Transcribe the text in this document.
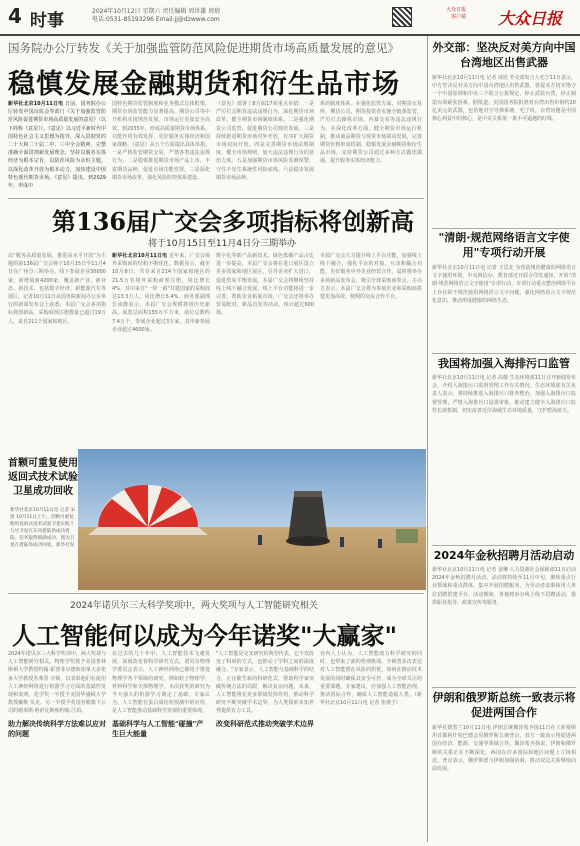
4 时事	2024年10月12日 星期六 责任编辑 周世雄 周倩
电话:0531-85193296 Email:jj@dzwww.com
大众日报
客户端 大众日报
国务院办公厅转发《关于加强监管防范风险促进期货市场高质量发展的意见》
稳慎发展金融期货和衍生品市场

新华社北京10月11日电 日前，国务院办公厅转发中国证监会等部门《关于加强监管防范风险促进期货市场高质量发展的意见》（以下简称《意见》）。《意见》以习近平新时代中国特色社会主义思想为指导，深入贯彻党的二十大和二十届二中、三中全会精神，完整准确全面贯彻新发展理念，坚持以服务实体经济为根本宗旨，以防范风险为永恒主题，以深化改革开放为根本动力，加快建设中国特色现代期货市场。《意见》提出，到2029年，形成中

国特色期货监管制度和业务模式总体框架，期货市场监管能力显著提高，期货公司等中介机构实现规范发展，市场运行更加安全高效。到2035年，形成高质量期货市场体系，功能作用有效发挥，更好服务实体经济和国家战略。《意见》从五个方面提出具体举措。一是严格监管期货交易，严禁各类违法违规行为。二是稳慎推进期货市场产品上市，丰富期货品种，促进市场功能发挥。三是深化期货市场改革，强化风险防控体系建设。

《意见》部署了8方面17项重点举措：一是严厉打击期货违法违规行为，深化期货市场改革，健全期货市场制度体系。二是强化期货公司监管，促进期货公司规范发展。三是持续推进期货市场对外开放，有序扩大期货市场双向开放。四是完善期货市场法规制度，健全市场规则，加大违法违规行为的惩治力度。五是加强期货市场风险监测预警，守住不发生系统性风险底线。六是稳步发展期货市场品种。

系的制度体系。在强化监管方面，对期货交易所、期货公司、期货投资者实施全链条监管，严厉打击操纵市场、内幕交易等违法违规行为。在深化改革方面，健全期货市场运行机制，推动商品期货与现货市场联动发展，完善期货价格形成机制，稳慎发展金融期货和衍生品市场，支持期货公司通过多种方式做优做强，提升服务实体经济能力。

第136届广交会多项指标将创新高
将于10月15日至11月4日分三期举办

以"服务高质量发展，推进高水平开放"为主题的第136届广交会将于10月15日至11月4日在广州分三期举办。线下参展企业30000家，新增展商4200家，覆盖新产业、新业态、新技术，包括数字经济、新能源汽车等展区。记者10月11日从国务院新闻办公室举行的新闻发布会上获悉，本届广交会多项指标将创新高，采购商预注册数量已超过19万人，来自211个国家和地区。

新华社北京10月11日电 近年来，广交会境外采购商的结构不断优化。数据显示，截至10月8日，共有来自214个国家和地区的21.5万名境外采购商预注册，同比增长4%，其中来自"一带一路"共建国家的采购商达13.3万人，同比增长5.4%。商务部副部长凌激表示，本届广交会规模将创历史新高，展览总面积155万平方米，展位总数约7.4万个，参展企业超过3万家，其中新参展企业超过4600家。

数字化等新产品新技术，绿色低碳产品占比进一步提高。本届广交会将在进口展区设立更多国家和地区展区，引导企业扩大进口，促进贸易平衡发展。本届广交会将继续坚持线上线下融合发展，线上平台功能将进一步完善，帮助企业拓展市场。广交会还将举办贸易配对、新品首发等活动，预计超过600场。

本届广交会大力提升线上平台功能，加强线上线下融合，强化平台的对接、互动和撮合功能，更好服务中外企业经贸合作。届时将举办多场新品发布会，吸引全球采购商参会。主办方表示，本届广交会将为参展企业和采购商搭建更加高效、便利的交流合作平台。

首颗可重复使用返回式技术试验卫星成功回收
新华社北京10月11日电 记者 宋晨 10月11日上午，首颗可重复使用返回式技术试验卫星实践十九号卫星在东风着陆场成功着陆，任务取得圆满成功。图为卫星在着陆场成功回收。新华社发
2024年诺贝尔三大科学奖项中，两大奖项与人工智能研究相关
人工智能何以成为今年诺奖"大赢家"

2024年诺贝尔三大科学奖项中，两大奖项与人工智能研究相关。物理学奖授予美国普林斯顿大学教授约翰·霍普菲尔德和加拿大多伦多大学教授杰弗里·辛顿，以表彰他们在使用人工神经网络进行机器学习方面的基础性发现和发明。化学奖一半授予美国华盛顿大学教授戴维·贝克，另一半授予英国谷歌旗下公司的德米斯·哈萨比斯和约翰·江珀。

助力解决传统科学方法难以应对的问题

在过去的几十年中，人工智能技术飞速发展，深刻改变着科学研究方式。诺贝尔物理学委员会表示，人工神经网络已被用于推进物理学各个领域的研究，例如粒子物理学、材料科学和天体物理学。本次获奖的研究为今天强大的机器学习奠定了基础。专家认为，人工智能在蛋白质结构预测中的应用，是人工智能推动基础科学发现的重要体现。

基础科学与人工智能"碰撞"产生巨大能量

"人工智能是交叉研究的典型代表，它不仅改变了科研的方式，也推动了学科之间的深度融合。"专家表示，人工智能与基础科学的结合，正在催生新的科研范式，帮助科学家突破传统方法的局限，解决复杂问题。未来，人工智能将在更多领域发挥作用，推动科学研究不断突破学术边界，为人类探索未知世界提供有力工具。

改变科研范式推动突破学术边界

业内人士认为，人工智能助力科学研究的同时，也带来了新的伦理挑战。辛顿曾多次表达对人工智能潜在风险的担忧。如何在推动技术发展的同时确保其安全可控，成为全球关注的重要课题。专家建议，应加强人工智能治理，推动国际合作，确保人工智能造福人类。（新华社北京10月11日电 记者 张漫子）

外交部：坚决反对美方向中国台湾地区出售武器

新华社北京10月11日电 记者 成欣 外交部发言人毛宁11日表示，中方坚决反对美方向中国台湾地区出售武器，敦促美方切实恪守一个中国原则和中美三个联合公报规定，停止武装台湾，停止制造台海紧张因素。据报道，美国国务院批准对台湾出售价值约20亿美元的武器，包括地对空导弹系统。毛宁说，台湾问题是中国核心利益中的核心，是中美关系第一条不可逾越的红线。

"清朗·规范网络语言文字使用"专项行动开展

新华社北京10月11日电 记者 王思北 为营造规范健康的网络语言文字使用环境，中央网信办、教育部近日联合印发通知，开展"清朗·规范网络语言文字使用"专项行动。专项行动重点整治网络平台上存在的不规范使用网络语言文字问题，强化网络语言文字规范化意识，推动形成健康的网络生态。

我国将加强入海排污口监管

新华社北京10月11日电 记者 高敬 生态环境部11日召开新闻发布会，介绍入海排污口监督管理工作有关情况。生态环境部有关负责人表示，将持续推进入海排污口排查整治，加强入海排污口监督管理，严格入海排污口设置审批，推动建立健全入海排污口监管长效机制，切实改善近岸海域生态环境质量，守护碧海蓝天。

2024年金秋招聘月活动启动

新华社北京10月11日电 记者 姜琳 人力资源社会保障部11日启动2024年金秋招聘月活动。活动将持续至11月中旬，聚焦重点行业领域和重点群体，集中开展招聘服务，为劳动者求职和用人单位招聘搭建平台。活动期间，各地将举办线上线下招聘活动，提供职业指导、政策宣传等服务。

伊朗和俄罗斯总统一致表示将促进两国合作

新华社德黑兰10月11日电 伊朗总统佩泽希齐扬11日在土库曼斯坦首都阿什哈巴德会见俄罗斯总统普京，双方一致表示将促进两国在经济、能源、交通等领域合作。佩泽希齐扬说，伊朗和俄罗斯的关系正在不断深化，两国在许多国际和地区问题上立场相近。普京表示，俄罗斯愿与伊朗加强协调，推动双边关系继续向前发展。
